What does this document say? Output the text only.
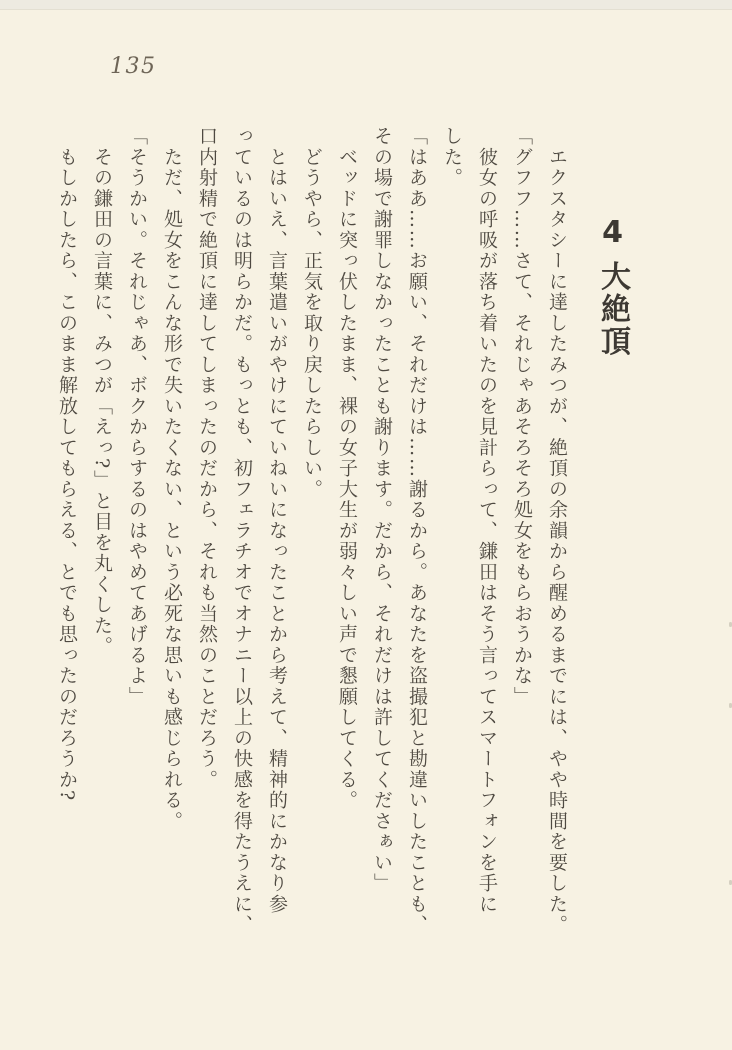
135
4大絶頂
　エクスタシーに達したみつが、絶頂の余韻から醒めるまでには、やや時間を要した。
「グフフ……さて、それじゃあそろそろ処女をもらおうかな」
　彼女の呼吸が落ち着いたのを見計らって、鎌田はそう言ってスマートフォンを手に
した。
「はああ……お願い、それだけは……謝るから。あなたを盗撮犯と勘違いしたことも、
その場で謝罪しなかったことも謝ります。だから、それだけは許してくださぁい」
　ベッドに突っ伏したまま、裸の女子大生が弱々しい声で懇願してくる。
　どうやら、正気を取り戻したらしい。
　とはいえ、言葉遣いがやけにていねいになったことから考えて、精神的にかなり参
っているのは明らかだ。もっとも、初フェラチオでオナニー以上の快感を得たうえに、
口内射精で絶頂に達してしまったのだから、それも当然のことだろう。
　ただ、処女をこんな形で失いたくない、という必死な思いも感じられる。
「そうかい。それじゃあ、ボクからするのはやめてあげるよ」
　その鎌田の言葉に、みつが「えっ?」と目を丸くした。
　もしかしたら、このまま解放してもらえる、とでも思ったのだろうか?
